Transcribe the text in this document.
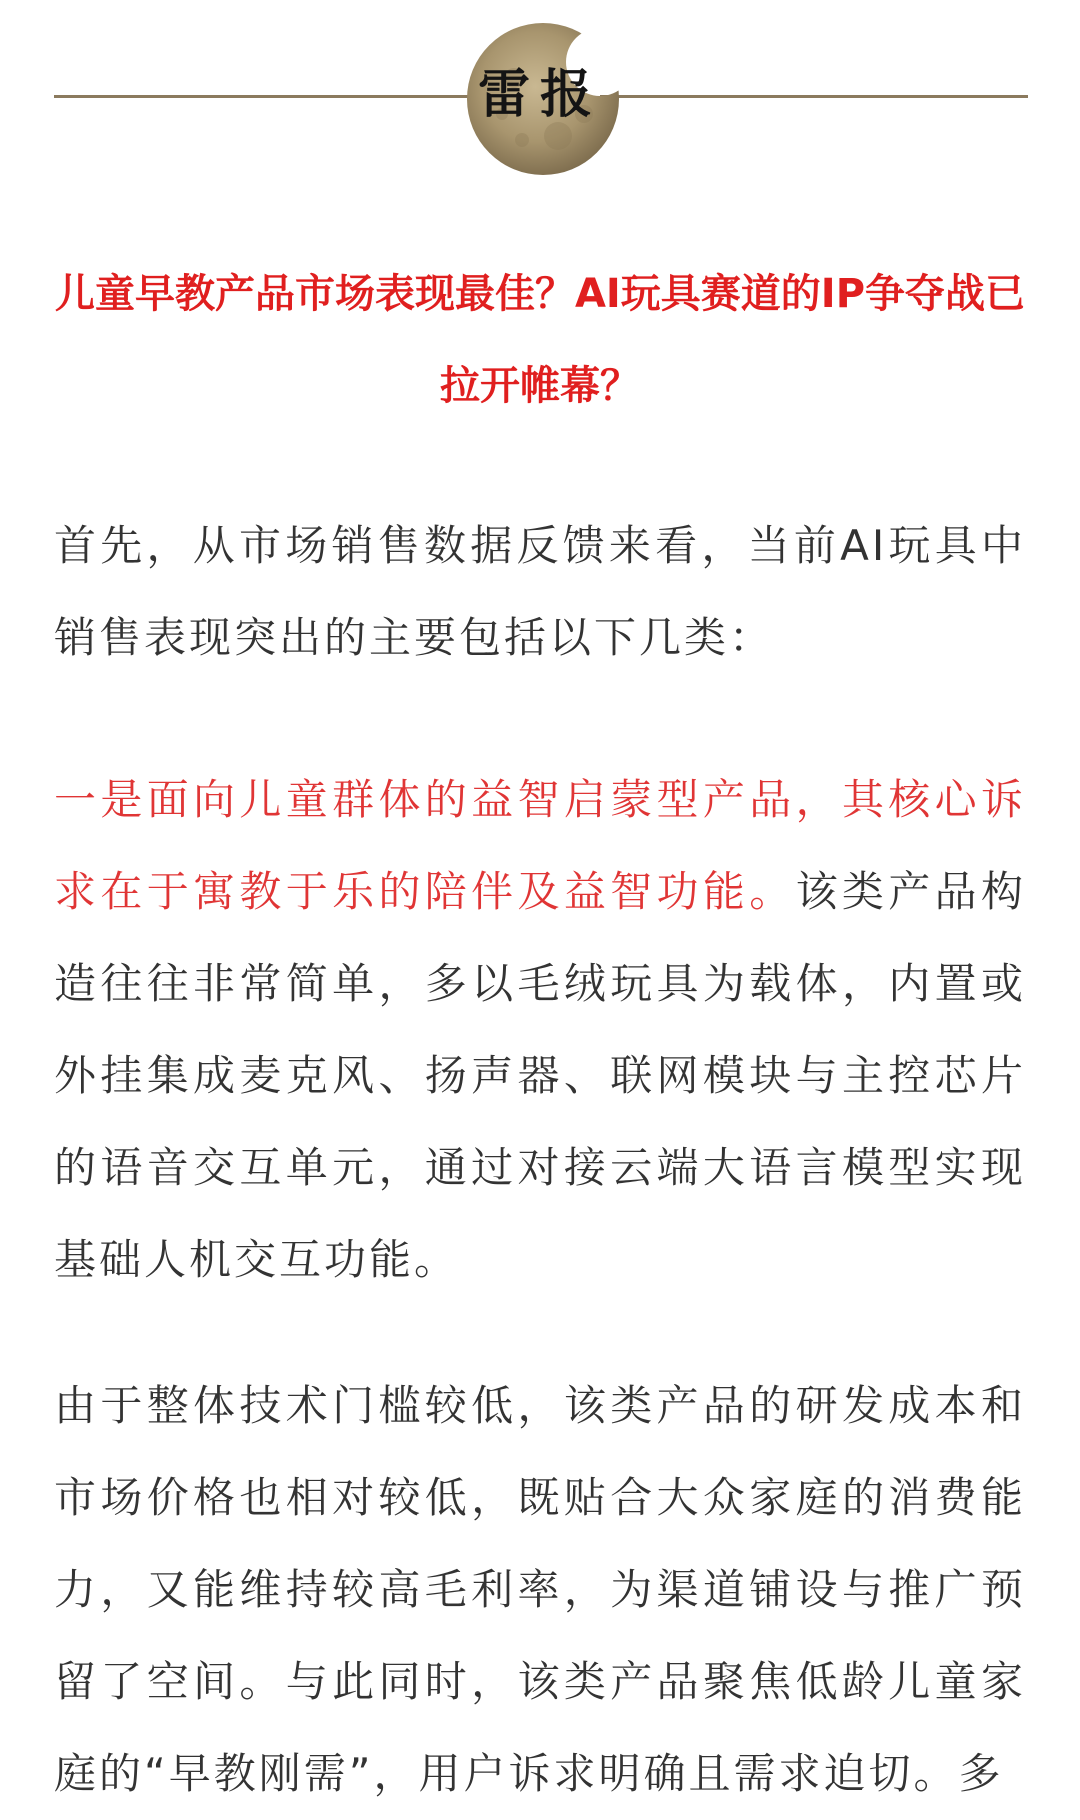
雷报
儿童早教产品市场表现最佳？AI玩具赛道的IP争夺战已拉开帷幕？

首先，从市场销售数据反馈来看，当前AI玩具中销售表现突出的主要包括以下几类：

一是面向儿童群体的益智启蒙型产品，其核心诉求在于寓教于乐的陪伴及益智功能。该类产品构造往往非常简单，多以毛绒玩具为载体，内置或外挂集成麦克风、扬声器、联网模块与主控芯片的语音交互单元，通过对接云端大语言模型实现基础人机交互功能。

由于整体技术门槛较低，该类产品的研发成本和市场价格也相对较低，既贴合大众家庭的消费能力，又能维持较高毛利率，为渠道铺设与推广预留了空间。与此同时，该类产品聚焦低龄儿童家庭的“早教刚需”，用户诉求明确且需求迫切。多
